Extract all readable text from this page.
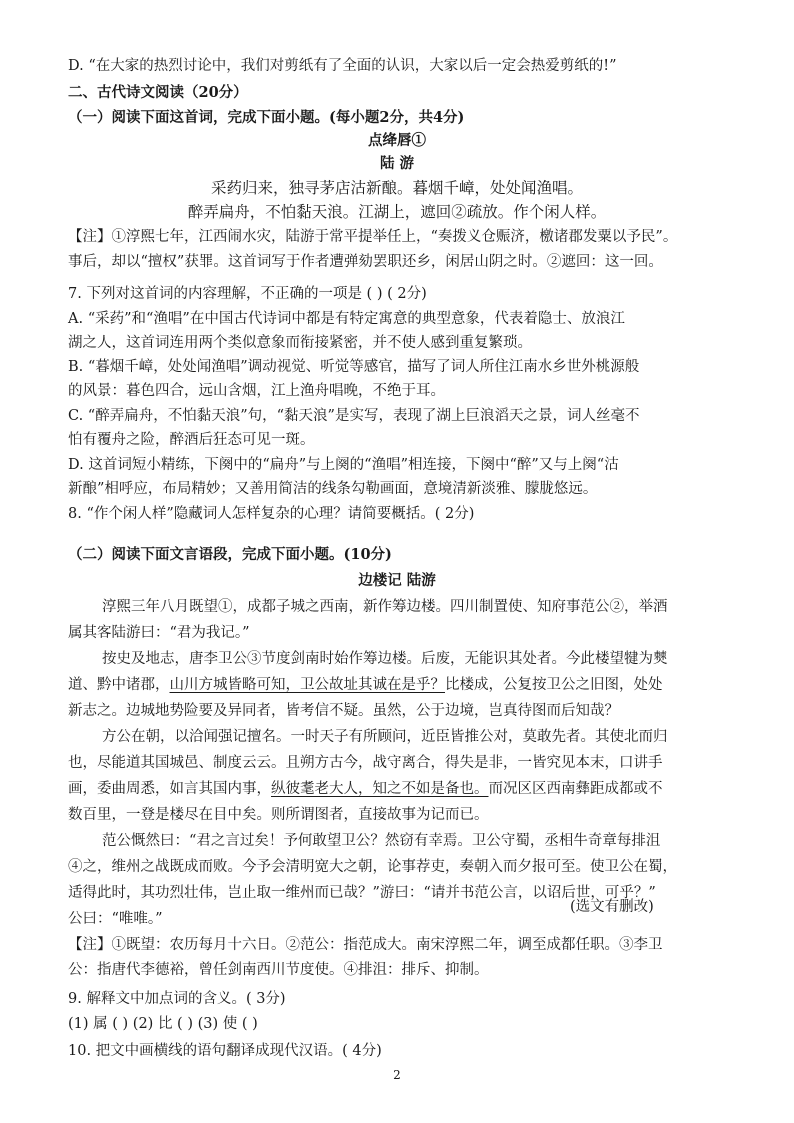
D. “在大家的热烈讨论中，我们对剪纸有了全面的认识，大家以后一定会热爱剪纸的!”
二、古代诗文阅读（20分）
（一）阅读下面这首词，完成下面小题。(每小题2分，共4分)
点绛唇①
陆 游
采药归来，独寻茅店沽新酿。暮烟千嶂，处处闻渔唱。
醉弄扁舟，不怕黏天浪。江湖上，遮回②疏放。作个闲人样。
【注】①淳熙七年，江西闹水灾，陆游于常平提举任上，“奏拨义仓赈济，檄诸郡发粟以予民”。
事后，却以“擅权”获罪。这首词写于作者遭弹劾罢职还乡，闲居山阴之时。②遮回：这一回。
7. 下列对这首词的内容理解，不正确的一项是 ( ) ( 2分)
A. “采药”和“渔唱”在中国古代诗词中都是有特定寓意的典型意象，代表着隐士、放浪江
湖之人，这首词连用两个类似意象而衔接紧密，并不使人感到重复繁琐。
B. “暮烟千嶂，处处闻渔唱”调动视觉、听觉等感官，描写了词人所住江南水乡世外桃源般
的风景：暮色四合，远山含烟，江上渔舟唱晚，不绝于耳。
C. “醉弄扁舟，不怕黏天浪”句，“黏天浪”是实写，表现了湖上巨浪滔天之景，词人丝毫不
怕有覆舟之险，醉酒后狂态可见一斑。
D. 这首词短小精练，下阕中的“扁舟”与上阕的“渔唱”相连接，下阕中“醉”又与上阕“沽
新酿”相呼应，布局精妙；又善用简洁的线条勾勒画面，意境清新淡雅、朦胧悠远。
8. “作个闲人样”隐藏词人怎样复杂的心理？请简要概括。( 2分)
（二）阅读下面文言语段，完成下面小题。(10分)
边楼记 陆游
淳熙三年八月既望①，成都子城之西南，新作筹边楼。四川制置使、知府事范公②，举酒
属其客陆游曰：“君为我记。”
按史及地志，唐李卫公③节度剑南时始作筹边楼。后废，无能识其处者。今此楼望犍为僰
道、黔中诸郡，山川方城皆略可知，卫公故址其诚在是乎？比楼成，公复按卫公之旧图，处处
新志之。边城地势险要及异同者，皆考信不疑。虽然，公于边境，岂真待图而后知哉？
方公在朝，以洽闻强记擅名。一时天子有所顾问，近臣皆推公对，莫敢先者。其使北而归
也，尽能道其国城邑、制度云云。且朔方古今，战守离合，得失是非，一皆究见本末，口讲手
画，委曲周悉，如言其国内事，纵彼耄老大人，知之不如是备也。而况区区西南彝距成都或不
数百里，一登是楼尽在目中矣。则所谓图者，直接故事为记而已。
范公慨然曰：“君之言过矣！予何敢望卫公？然窃有幸焉。卫公守蜀，丞相牛奇章每排沮
④之，维州之战既成而败。今予会清明宽大之朝，论事荐吏，奏朝入而夕报可至。使卫公在蜀，
适得此时，其功烈壮伟，岂止取一维州而已哉？”游曰：“请并书范公言，以诏后世，可乎？”
公曰：“唯唯。”
(选文有删改)
【注】①既望：农历每月十六日。②范公：指范成大。南宋淳熙二年，调至成都任职。③李卫
公：指唐代李德裕，曾任剑南西川节度使。④排沮：排斥、抑制。
9. 解释文中加点词的含义。( 3分)
(1) 属 ( ) (2) 比 ( ) (3) 使 ( )
10. 把文中画横线的语句翻译成现代汉语。( 4分)
2
